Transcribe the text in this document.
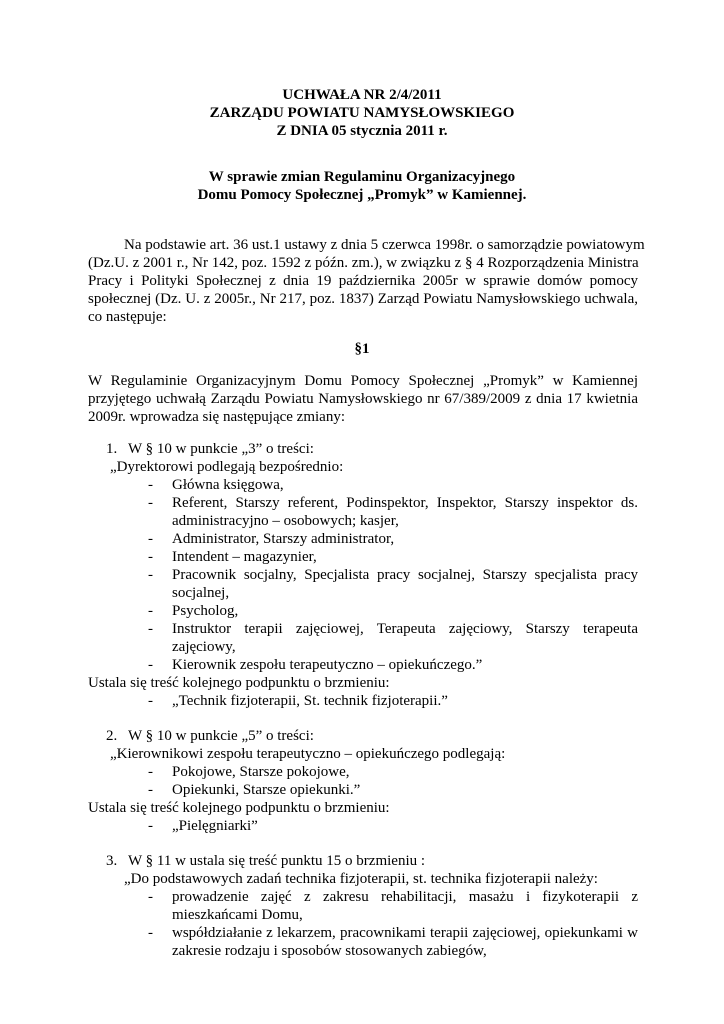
UCHWAŁA NR 2/4/2011
ZARZĄDU POWIATU NAMYSŁOWSKIEGO
Z DNIA 05 stycznia 2011 r.
W sprawie zmian Regulaminu Organizacyjnego
Domu Pomocy Społecznej „Promyk” w Kamiennej.
Na podstawie art. 36 ust.1 ustawy z dnia 5 czerwca 1998r. o samorządzie powiatowym
(Dz.U. z 2001 r., Nr 142, poz. 1592 z późn. zm.), w związku z § 4 Rozporządzenia Ministra
Pracy i Polityki Społecznej z dnia 19 października 2005r w sprawie domów pomocy
społecznej (Dz. U. z 2005r., Nr 217, poz. 1837) Zarząd Powiatu Namysłowskiego uchwala,
co następuje:
§1
W Regulaminie Organizacyjnym Domu Pomocy Społecznej „Promyk” w Kamiennej
przyjętego uchwałą Zarządu Powiatu Namysłowskiego nr 67/389/2009 z dnia 17 kwietnia
2009r. wprowadza się następujące zmiany:
1. W § 10 w punkcie „3” o treści:
„Dyrektorowi podlegają bezpośrednio:
-	Główna księgowa,
-	Referent, Starszy referent, Podinspektor, Inspektor, Starszy inspektor ds.
administracyjno – osobowych; kasjer,
-	Administrator, Starszy administrator,
-	Intendent – magazynier,
-	Pracownik socjalny, Specjalista pracy socjalnej, Starszy specjalista pracy
socjalnej,
-	Psycholog,
-	Instruktor terapii zajęciowej, Terapeuta zajęciowy, Starszy terapeuta
zajęciowy,
-	Kierownik zespołu terapeutyczno – opiekuńczego.”
Ustala się treść kolejnego podpunktu o brzmieniu:
-	„Technik fizjoterapii, St. technik fizjoterapii.”
2. W § 10 w punkcie „5” o treści:
„Kierownikowi zespołu terapeutyczno – opiekuńczego podlegają:
-	Pokojowe, Starsze pokojowe,
-	Opiekunki, Starsze opiekunki.”
Ustala się treść kolejnego podpunktu o brzmieniu:
-	„Pielęgniarki”
3. W § 11 w ustala się treść punktu 15 o brzmieniu :
„Do podstawowych zadań technika fizjoterapii, st. technika fizjoterapii należy:
-	prowadzenie zajęć z zakresu rehabilitacji, masażu i fizykoterapii z
mieszkańcami Domu,
-	współdziałanie z lekarzem, pracownikami terapii zajęciowej, opiekunkami w
zakresie rodzaju i sposobów stosowanych zabiegów,
